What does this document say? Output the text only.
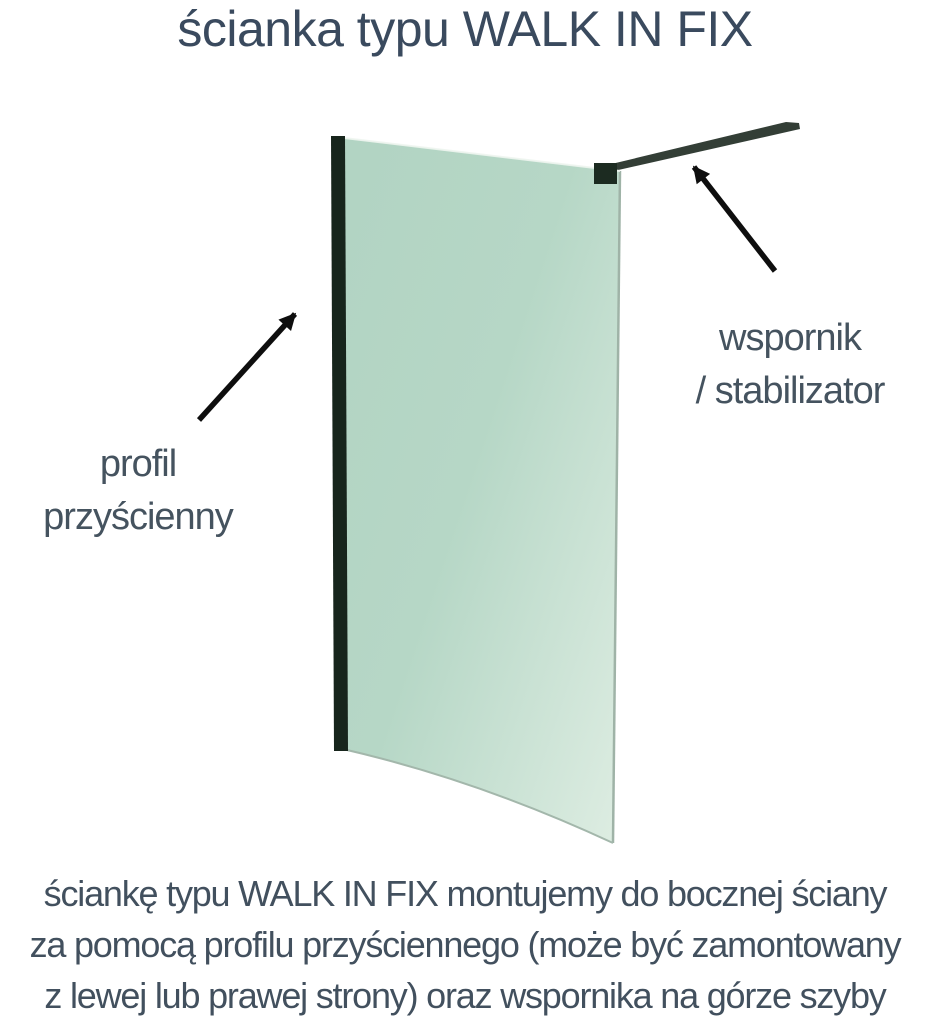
ścianka typu WALK IN FIX
profil
przyścienny
wspornik
/ stabilizator
ściankę typu WALK IN FIX montujemy do bocznej ściany
za pomocą profilu przyściennego (może być zamontowany
z lewej lub prawej strony) oraz wspornika na górze szyby
